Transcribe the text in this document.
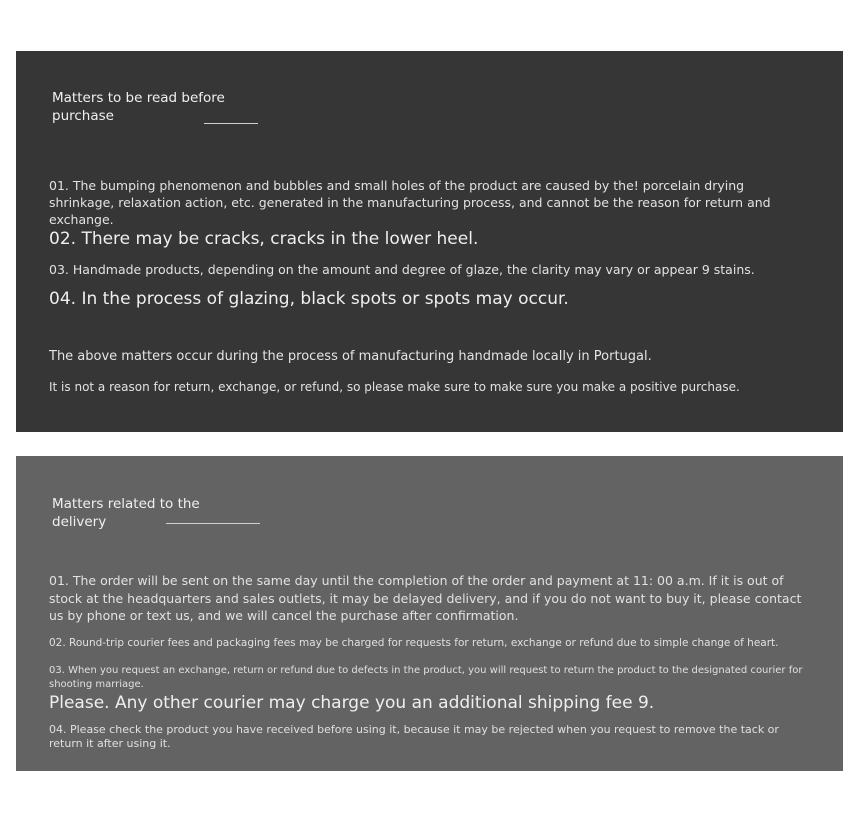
Matters to be read before
purchase

01. The bumping phenomenon and bubbles and small holes of the product are caused by the! porcelain drying shrinkage, relaxation action, etc. generated in the manufacturing process, and cannot be the reason for return and exchange.

02. There may be cracks, cracks in the lower heel.

03. Handmade products, depending on the amount and degree of glaze, the clarity may vary or appear 9 stains.

04. In the process of glazing, black spots or spots may occur.

The above matters occur during the process of manufacturing handmade locally in Portugal.

It is not a reason for return, exchange, or refund, so please make sure to make sure you make a positive purchase.

Matters related to the
delivery

01. The order will be sent on the same day until the completion of the order and payment at 11: 00 a.m. If it is out of stock at the headquarters and sales outlets, it may be delayed delivery, and if you do not want to buy it, please contact us by phone or text us, and we will cancel the purchase after confirmation.

02. Round-trip courier fees and packaging fees may be charged for requests for return, exchange or refund due to simple change of heart.

03. When you request an exchange, return or refund due to defects in the product, you will request to return the product to the designated courier for shooting marriage.

Please. Any other courier may charge you an additional shipping fee 9.

04. Please check the product you have received before using it, because it may be rejected when you request to remove the tack or return it after using it.
